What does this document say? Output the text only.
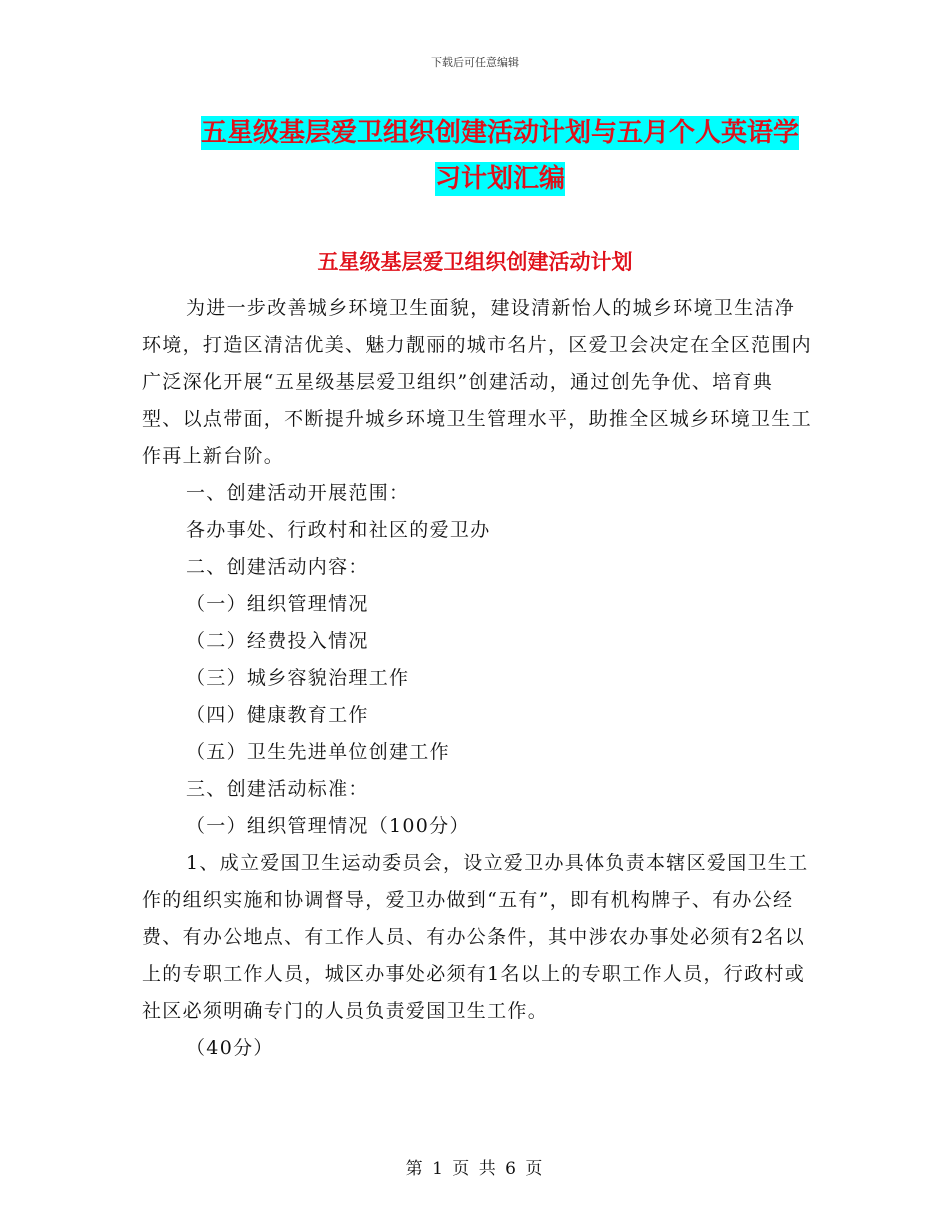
下载后可任意编辑
五星级基层爱卫组织创建活动计划与五月个人英语学
习计划汇编
五星级基层爱卫组织创建活动计划

为进一步改善城乡环境卫生面貌，建设清新怡人的城乡环境卫生洁净环境，打造区清洁优美、魅力靓丽的城市名片，区爱卫会决定在全区范围内广泛深化开展“五星级基层爱卫组织”创建活动，通过创先争优、培育典型、以点带面，不断提升城乡环境卫生管理水平，助推全区城乡环境卫生工作再上新台阶。

一、创建活动开展范围：

各办事处、行政村和社区的爱卫办

二、创建活动内容：

（一）组织管理情况

（二）经费投入情况

（三）城乡容貌治理工作

（四）健康教育工作

（五）卫生先进单位创建工作

三、创建活动标准：

（一）组织管理情况（100分）

1、成立爱国卫生运动委员会，设立爱卫办具体负责本辖区爱国卫生工作的组织实施和协调督导，爱卫办做到“五有”，即有机构牌子、有办公经费、有办公地点、有工作人员、有办公条件，其中涉农办事处必须有2名以上的专职工作人员，城区办事处必须有1名以上的专职工作人员，行政村或社区必须明确专门的人员负责爱国卫生工作。

（40分）

第 1 页 共 6 页
